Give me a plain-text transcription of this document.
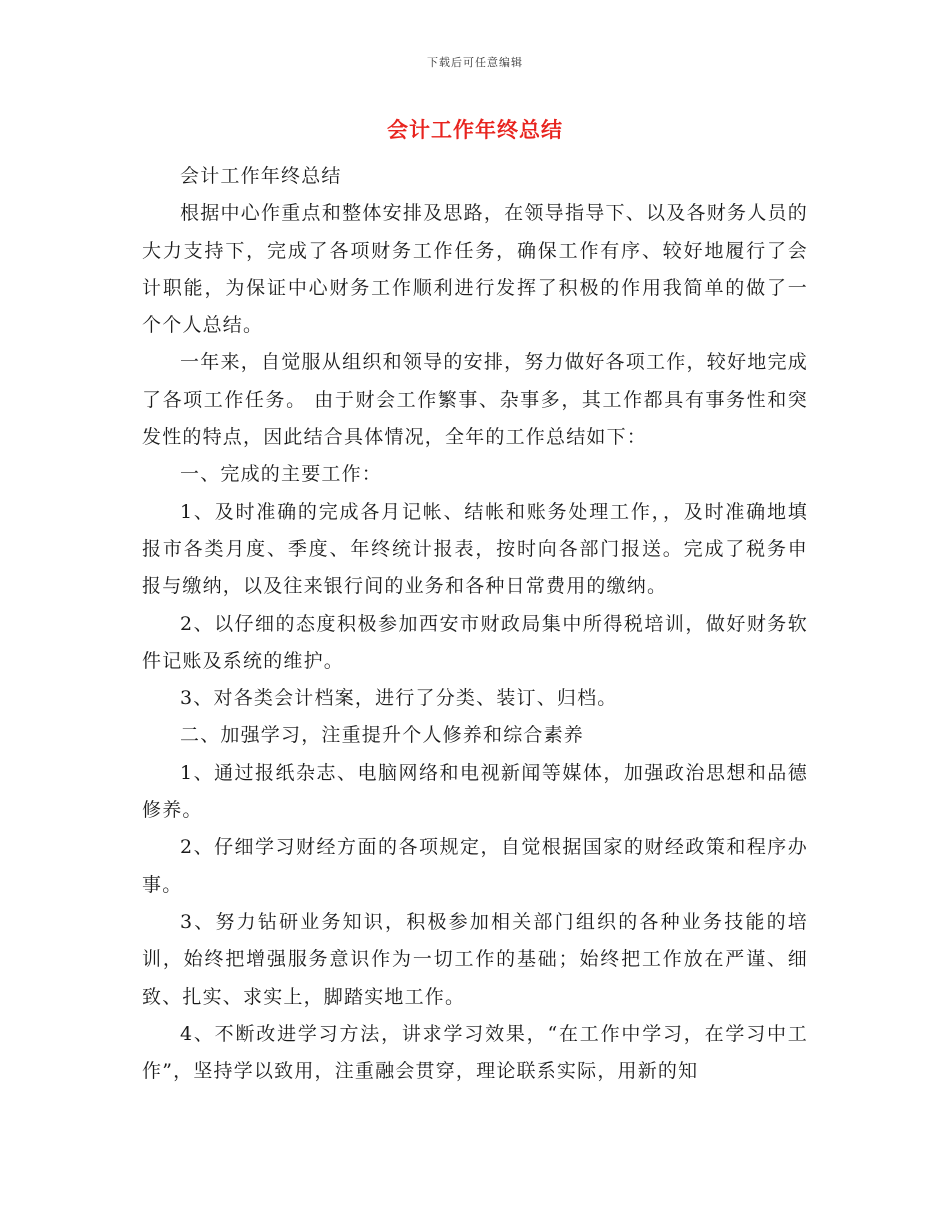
下载后可任意编辑
会计工作年终总结

会计工作年终总结

根据中心作重点和整体安排及思路，在领导指导下、以及各财务人员的大力支持下，完成了各项财务工作任务，确保工作有序、较好地履行了会计职能，为保证中心财务工作顺利进行发挥了积极的作用我简单的做了一个个人总结。

一年来，自觉服从组织和领导的安排，努力做好各项工作，较好地完成了各项工作任务。 由于财会工作繁事、杂事多，其工作都具有事务性和突发性的特点，因此结合具体情况，全年的工作总结如下：

一、完成的主要工作：

1、及时准确的完成各月记帐、结帐和账务处理工作，，及时准确地填报市各类月度、季度、年终统计报表，按时向各部门报送。完成了税务申报与缴纳，以及往来银行间的业务和各种日常费用的缴纳。

2、以仔细的态度积极参加西安市财政局集中所得税培训，做好财务软件记账及系统的维护。

3、对各类会计档案，进行了分类、装订、归档。

二、加强学习，注重提升个人修养和综合素养

1、通过报纸杂志、电脑网络和电视新闻等媒体，加强政治思想和品德修养。

2、仔细学习财经方面的各项规定，自觉根据国家的财经政策和程序办事。

3、努力钻研业务知识，积极参加相关部门组织的各种业务技能的培训，始终把增强服务意识作为一切工作的基础；始终把工作放在严谨、细致、扎实、求实上，脚踏实地工作。

4、不断改进学习方法，讲求学习效果，“在工作中学习，在学习中工作”，坚持学以致用，注重融会贯穿，理论联系实际，用新的知
